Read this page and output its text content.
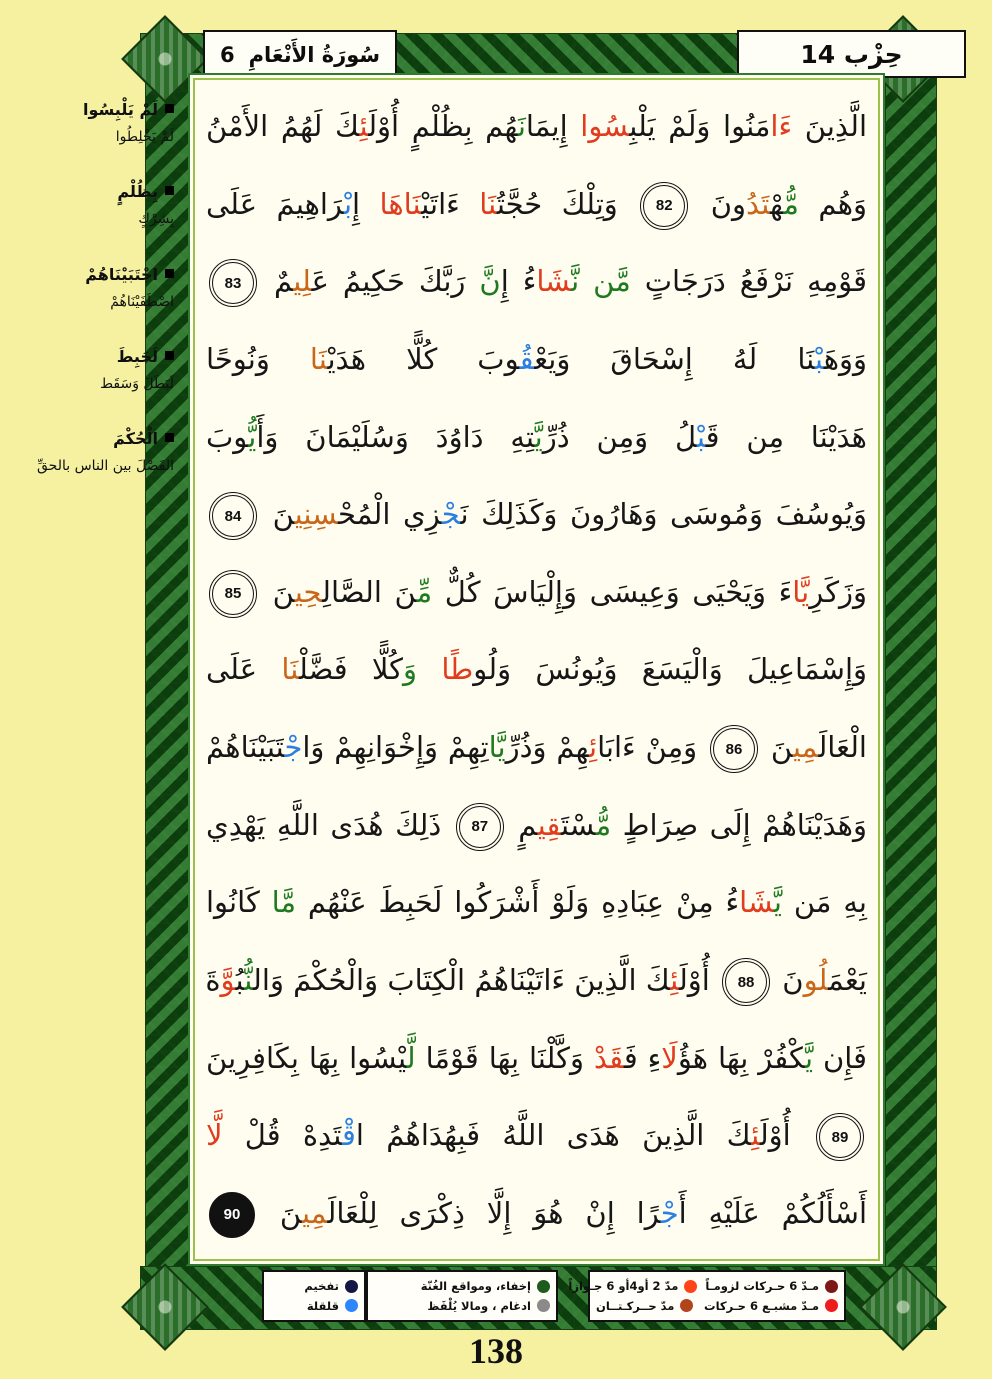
سُورَةُ الأَنْعَامِ
6	حِزْب 14
الَّذِينَ ءَامَنُوا وَلَمْ يَلْبِسُوا إِيمَانَهُم بِظُلْمٍ أُوْلَئِكَ لَهُمُ الأَمْنُ
وَهُم مُّهْتَدُونَ 82 وَتِلْكَ حُجَّتُنَا ءَاتَيْنَاهَا إِبْرَاهِيمَ عَلَى
قَوْمِهِ نَرْفَعُ دَرَجَاتٍ مَّن نَّشَاءُ إِنَّ رَبَّكَ حَكِيمُ عَلِيمٌ 83
وَوَهَبْنَا لَهُ إِسْحَاقَ وَيَعْقُوبَ كُلًّا هَدَيْنَا وَنُوحًا
هَدَيْنَا مِن قَبْلُ وَمِن ذُرِّيَّتِهِ دَاوُدَ وَسُلَيْمَانَ وَأَيُّوبَ
وَيُوسُفَ وَمُوسَى وَهَارُونَ وَكَذَلِكَ نَجْزِي الْمُحْسِنِينَ 84
وَزَكَرِيَّاءَ وَيَحْيَى وَعِيسَى وَإِلْيَاسَ كُلٌّ مِّنَ الصَّالِحِينَ 85
وَإِسْمَاعِيلَ وَالْيَسَعَ وَيُونُسَ وَلُوطًا وَكُلًّا فَضَّلْنَا عَلَى
الْعَالَمِينَ 86 وَمِنْ ءَابَائِهِمْ وَذُرِّيَّاتِهِمْ وَإِخْوَانِهِمْ وَاجْتَبَيْنَاهُمْ
وَهَدَيْنَاهُمْ إِلَى صِرَاطٍ مُّسْتَقِيمٍ 87 ذَلِكَ هُدَى اللَّهِ يَهْدِي
بِهِ مَن يَّشَاءُ مِنْ عِبَادِهِ وَلَوْ أَشْرَكُوا لَحَبِطَ عَنْهُم مَّا كَانُوا
يَعْمَلُونَ 88 أُوْلَئِكَ الَّذِينَ ءَاتَيْنَاهُمُ الْكِتَابَ وَالْحُكْمَ وَالنُّبُوَّةَ
فَإِن يَّكْفُرْ بِهَا هَؤُلَاءِ فَقَدْ وَكَّلْنَا بِهَا قَوْمًا لَّيْسُوا بِهَا بِكَافِرِينَ
89 أُوْلَئِكَ الَّذِينَ هَدَى اللَّهُ فَبِهُدَاهُمُ اقْتَدِهْ قُلْ لَّا
أَسْأَلُكُمْ عَلَيْهِ أَجْرًا إِنْ هُوَ إِلَّا ذِكْرَى لِلْعَالَمِينَ 90
لَمْ يَلْبِسُوا
لَمْ يَخْلِطُوا
بِظُلْمٍ
بِشِرْكٍ
اجْتَبَيْنَاهُمْ
اصْطَفَيْنَاهُمْ
لَحَبِطَ
لَبَطَلَ وَسَقَط
الْحُكْمَ
الفَصْلَ بين الناس بالحقِّ
تفخيم
قلقلة
إخفاء، ومواقع الغُنّة
ادغام ، ومالا يُلْفَظ
مـدّ 6 حـركات لزومـاً
مدّ 2 أو4أو 6 جـوازاً
مـدّ مشبـع 6 حـركات
مدّ حــركـتــان
138
